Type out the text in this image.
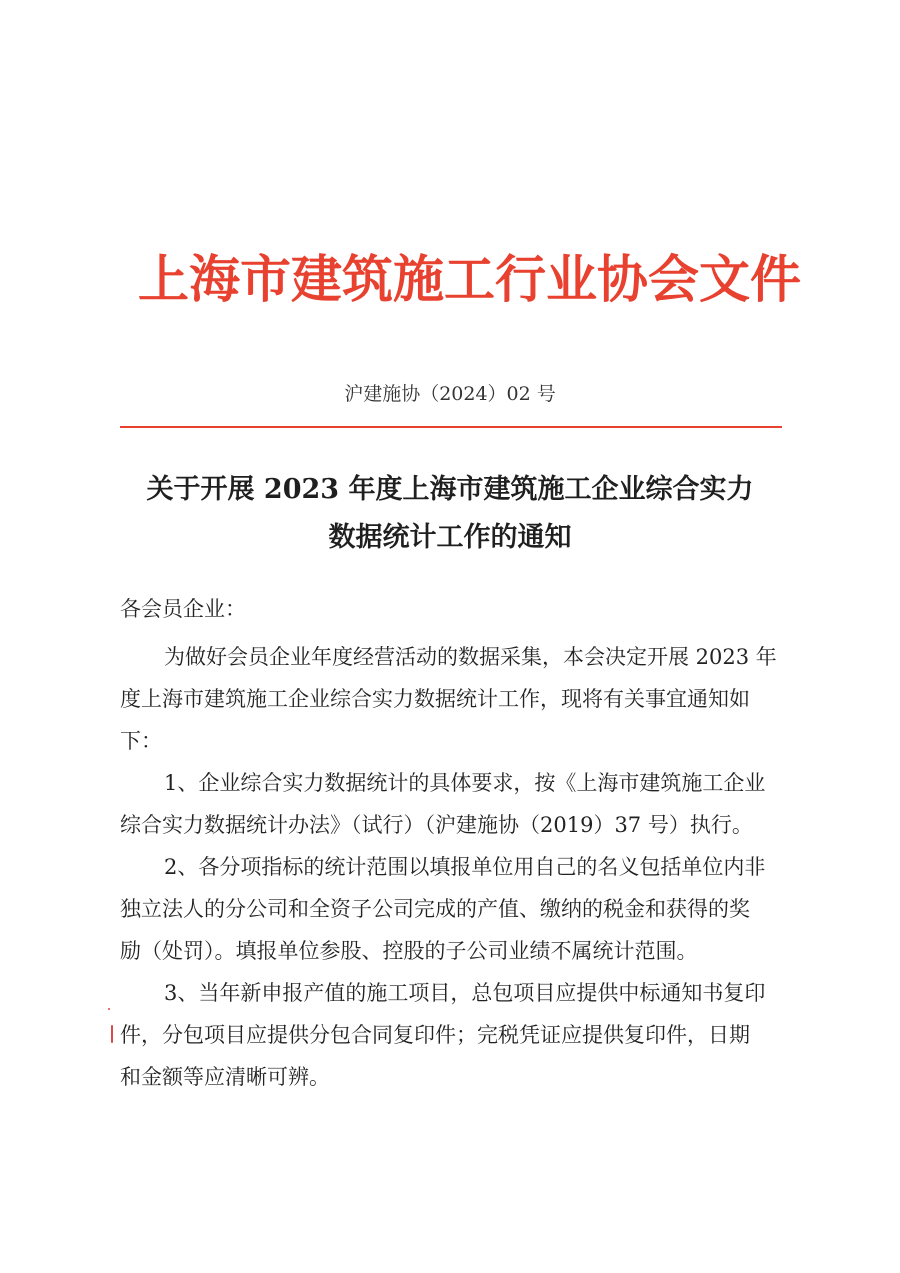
上海市建筑施工行业协会文件
沪建施协（2024）02 号
关于开展 2023 年度上海市建筑施工企业综合实力
数据统计工作的通知
各会员企业：
为做好会员企业年度经营活动的数据采集，本会决定开展 2023 年
度上海市建筑施工企业综合实力数据统计工作，现将有关事宜通知如
下：
1、企业综合实力数据统计的具体要求，按《上海市建筑施工企业
综合实力数据统计办法》（试行）（沪建施协（2019）37 号）执行。
2、各分项指标的统计范围以填报单位用自己的名义包括单位内非
独立法人的分公司和全资子公司完成的产值、缴纳的税金和获得的奖
励（处罚）。填报单位参股、控股的子公司业绩不属统计范围。
3、当年新申报产值的施工项目，总包项目应提供中标通知书复印
件，分包项目应提供分包合同复印件；完税凭证应提供复印件，日期
和金额等应清晰可辨。
